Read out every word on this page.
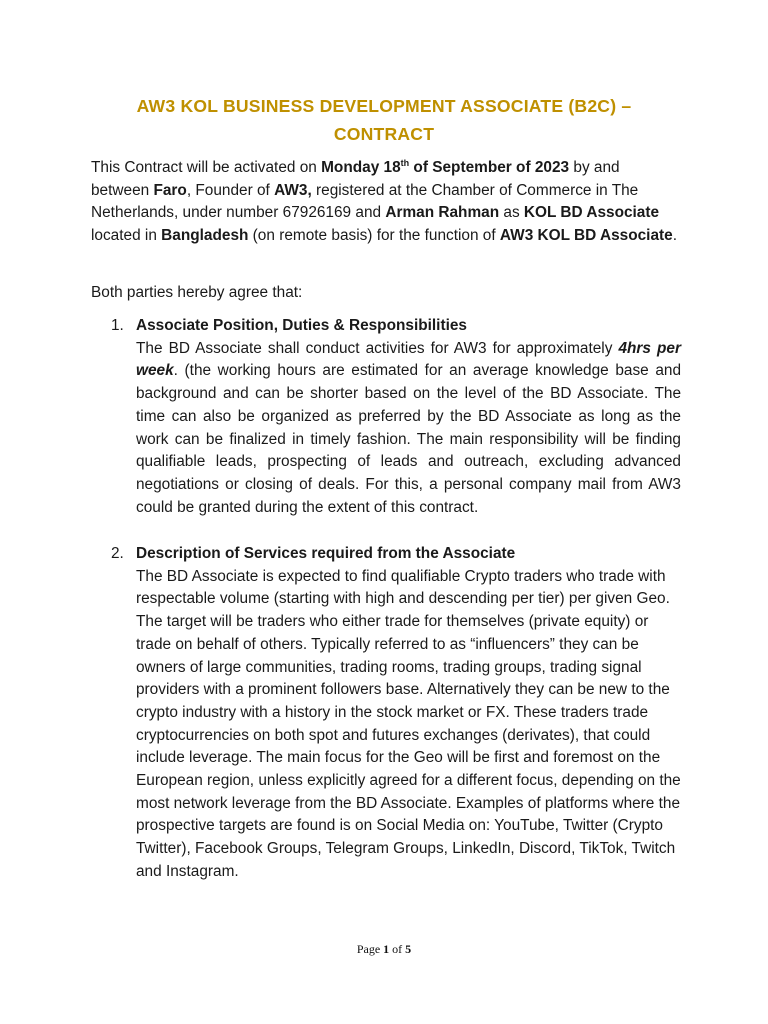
AW3 KOL BUSINESS DEVELOPMENT ASSOCIATE (B2C) –
CONTRACT

This Contract will be activated on Monday 18th of September of 2023 by and between Faro, Founder of AW3, registered at the Chamber of Commerce in The Netherlands, under number 67926169 and Arman Rahman as KOL BD Associate located in Bangladesh (on remote basis) for the function of AW3 KOL BD Associate.

Both parties hereby agree that:

1. Associate Position, Duties & Responsibilities
The BD Associate shall conduct activities for AW3 for approximately 4hrs per week. (the working hours are estimated for an average knowledge base and background and can be shorter based on the level of the BD Associate. The time can also be organized as preferred by the BD Associate as long as the work can be finalized in timely fashion. The main responsibility will be finding qualifiable leads, prospecting of leads and outreach, excluding advanced negotiations or closing of deals. For this, a personal company mail from AW3 could be granted during the extent of this contract.
2. Description of Services required from the Associate
The BD Associate is expected to find qualifiable Crypto traders who trade with respectable volume (starting with high and descending per tier) per given Geo. The target will be traders who either trade for themselves (private equity) or trade on behalf of others. Typically referred to as “influencers” they can be owners of large communities, trading rooms, trading groups, trading signal providers with a prominent followers base. Alternatively they can be new to the crypto industry with a history in the stock market or FX. These traders trade cryptocurrencies on both spot and futures exchanges (derivates), that could include leverage. The main focus for the Geo will be first and foremost on the European region, unless explicitly agreed for a different focus, depending on the most network leverage from the BD Associate. Examples of platforms where the prospective targets are found is on Social Media on: YouTube, Twitter (Crypto Twitter), Facebook Groups, Telegram Groups, LinkedIn, Discord, TikTok, Twitch and Instagram.
Page 1 of 5
